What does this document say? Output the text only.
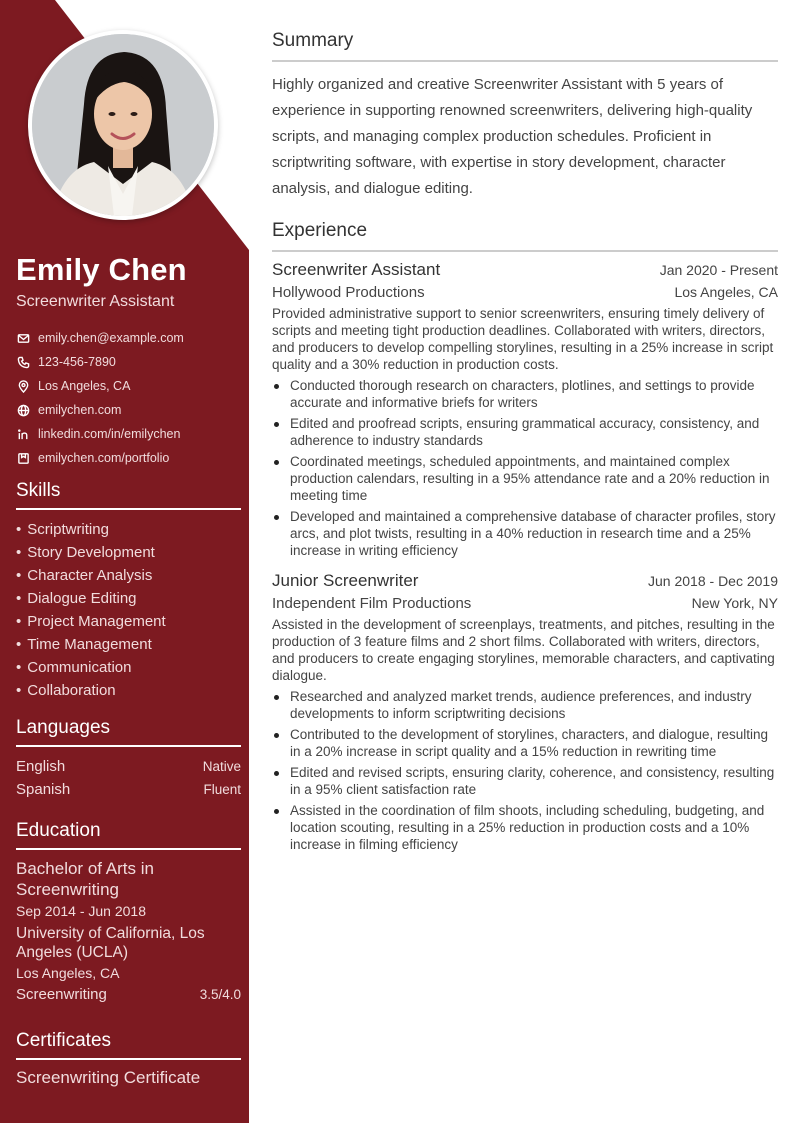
Emily Chen
Screenwriter Assistant
emily.chen@example.com
123-456-7890
Los Angeles, CA
emilychen.com
linkedin.com/in/emilychen
emilychen.com/portfolio
Skills
• Scriptwriting
• Story Development
• Character Analysis
• Dialogue Editing
• Project Management
• Time Management
• Communication
• Collaboration
Languages
English	Native
Spanish	Fluent
Education
Bachelor of Arts in Screenwriting
Sep 2014 - Jun 2018
University of California, Los Angeles (UCLA)
Los Angeles, CA
Screenwriting	3.5/4.0
Certificates
Screenwriting Certificate
Summary

Highly organized and creative Screenwriter Assistant with 5 years of experience in supporting renowned screenwriters, delivering high-quality scripts, and managing complex production schedules. Proficient in scriptwriting software, with expertise in story development, character analysis, and dialogue editing.

Experience
Screenwriter Assistant	Jan 2020 - Present
Hollywood Productions	Los Angeles, CA

Provided administrative support to senior screenwriters, ensuring timely delivery of scripts and meeting tight production deadlines. Collaborated with writers, directors, and producers to develop compelling storylines, resulting in a 25% increase in script quality and a 30% reduction in production costs.

Conducted thorough research on characters, plotlines, and settings to provide accurate and informative briefs for writers
Edited and proofread scripts, ensuring grammatical accuracy, consistency, and adherence to industry standards
Coordinated meetings, scheduled appointments, and maintained complex production calendars, resulting in a 95% attendance rate and a 20% reduction in meeting time
Developed and maintained a comprehensive database of character profiles, story arcs, and plot twists, resulting in a 40% reduction in research time and a 25% increase in writing efficiency
Junior Screenwriter	Jun 2018 - Dec 2019
Independent Film Productions	New York, NY

Assisted in the development of screenplays, treatments, and pitches, resulting in the production of 3 feature films and 2 short films. Collaborated with writers, directors, and producers to create engaging storylines, memorable characters, and captivating dialogue.

Researched and analyzed market trends, audience preferences, and industry developments to inform scriptwriting decisions
Contributed to the development of storylines, characters, and dialogue, resulting in a 20% increase in script quality and a 15% reduction in rewriting time
Edited and revised scripts, ensuring clarity, coherence, and consistency, resulting in a 95% client satisfaction rate
Assisted in the coordination of film shoots, including scheduling, budgeting, and location scouting, resulting in a 25% reduction in production costs and a 10% increase in filming efficiency
